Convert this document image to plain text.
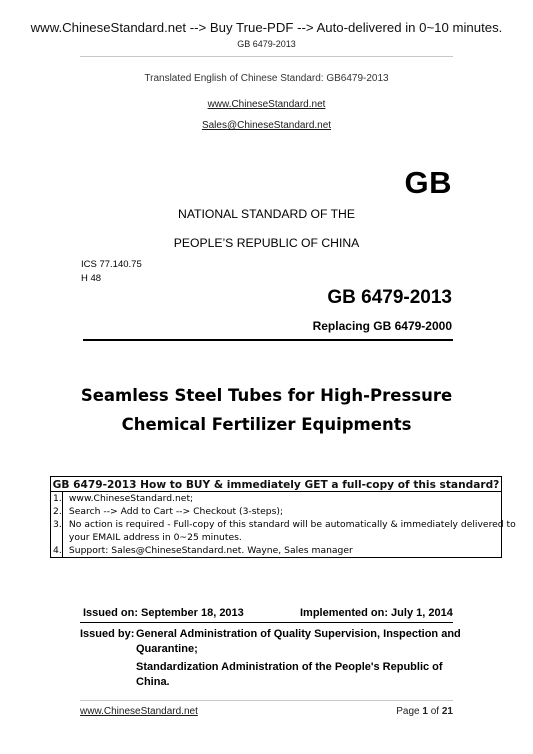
www.ChineseStandard.net --> Buy True-PDF --> Auto-delivered in 0~10 minutes.
GB 6479-2013
Translated English of Chinese Standard: GB6479-2013
www.ChineseStandard.net
Sales@ChineseStandard.net
GB
NATIONAL STANDARD OF THE
PEOPLE’S REPUBLIC OF CHINA
ICS 77.140.75
H 48
GB 6479-2013
Replacing GB 6479-2000
Seamless Steel Tubes for High-Pressure
Chemical Fertilizer Equipments
GB 6479-2013 How to BUY & immediately GET a full-copy of this standard?
1. www.ChineseStandard.net;
2. Search --> Add to Cart --> Checkout (3-steps);
3. No action is required - Full-copy of this standard will be automatically & immediately delivered to
your EMAIL address in 0~25 minutes.
4. Support: Sales@ChineseStandard.net. Wayne, Sales manager
Issued on: September 18, 2013	Implemented on: July 1, 2014
Issued by: General Administration of Quality Supervision, Inspection and
Quarantine;
Standardization Administration of the People's Republic of
China.
www.ChineseStandard.net	Page 1 of 21
